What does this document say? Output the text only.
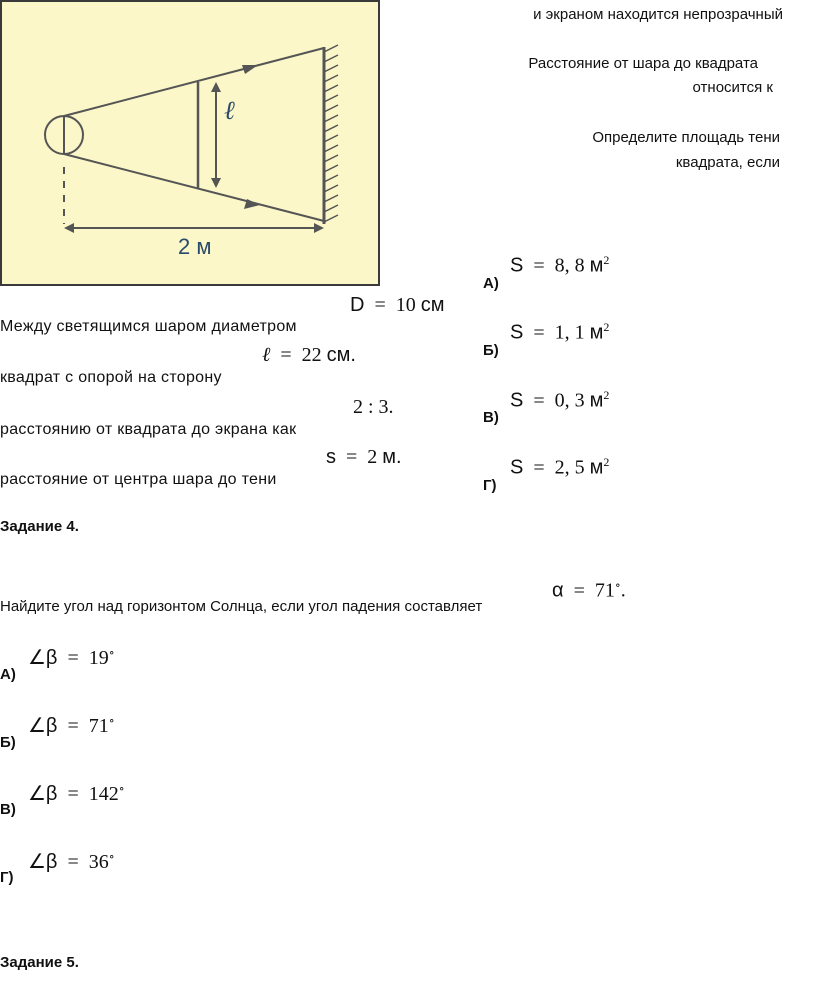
ℓ
2 м
и экраном находится непрозрачный
Расстояние от шара до квадрата
относится к
Определите площадь тени
квадрата, если
Между светящимся шаром диаметром
квадрат с опорой на сторону
расстоянию от квадрата до экрана как
расстояние от центра шара до тени
D = 10 см
ℓ = 22 см.
2 : 3.
s = 2 м.
А)
S = 8, 8 $м^2$
Б)
S = 1, 1 $м^2$
В)
S = 0, 3 $м^2$
Г)
S = 2, 5 $м^2$
Задание 4.
Найдите угол над горизонтом Солнца, если угол падения составляет
α = 71∘.
А)
∠β = 19∘
Б)
∠β = 71∘
В)
∠β = 142∘
Г)
∠β = 36∘
Задание 5.
